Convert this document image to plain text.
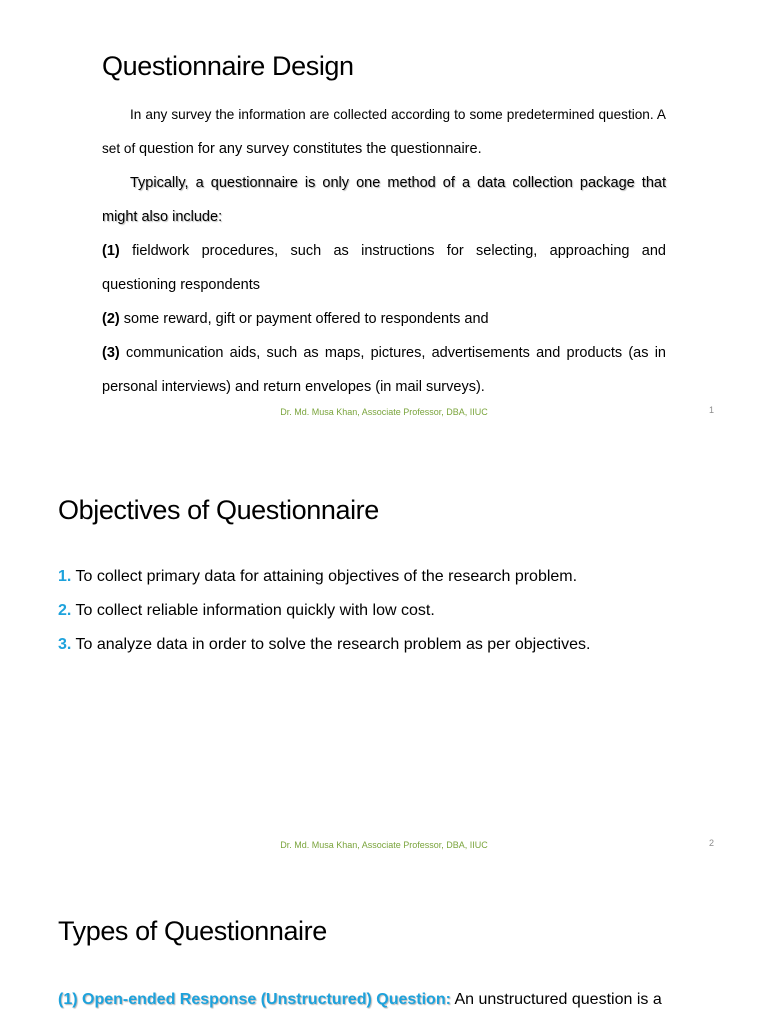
Questionnaire Design

In any survey the information are collected according to some predetermined question. A set of question for any survey constitutes the questionnaire.

Typically, a questionnaire is only one method of a data collection package that might also include:

(1) fieldwork procedures, such as instructions for selecting, approaching and questioning respondents

(2) some reward, gift or payment offered to respondents and

(3) communication aids, such as maps, pictures, advertisements and products (as in personal interviews) and return envelopes (in mail surveys).

Dr. Md. Musa Khan, Associate Professor, DBA, IIUC	1
Objectives of Questionnaire

1. To collect primary data for attaining objectives of the research problem.

2. To collect reliable information quickly with low cost.

3. To analyze data in order to solve the research problem as per objectives.

Dr. Md. Musa Khan, Associate Professor, DBA, IIUC	2
Types of Questionnaire
(1) Open-ended Response (Unstructured) Question: An unstructured question is a
